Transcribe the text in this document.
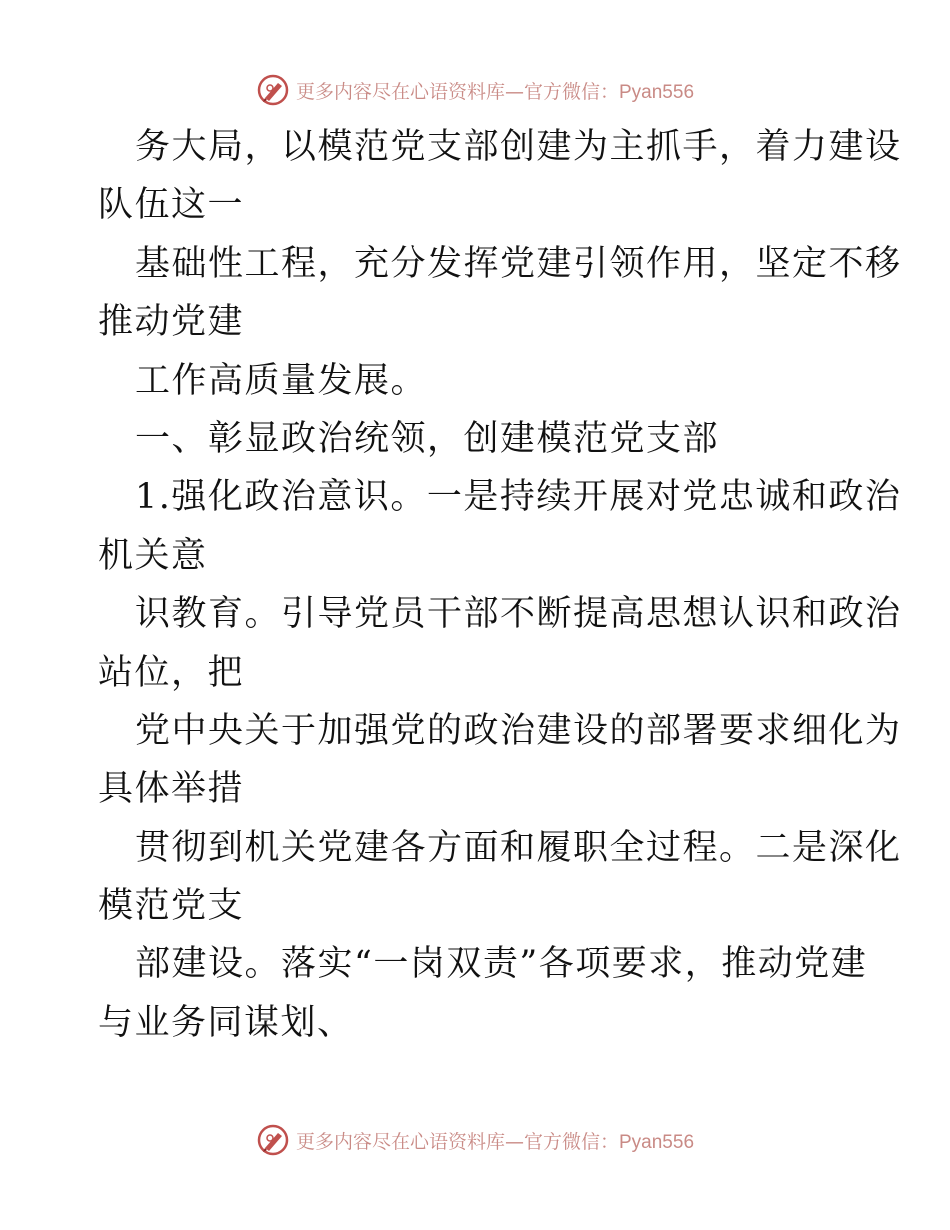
更多内容尽在心语资料库—官方微信：Pyan556
务大局，以模范党支部创建为主抓手，着力建设
队伍这一
基础性工程，充分发挥党建引领作用，坚定不移
推动党建
工作高质量发展。
一、彰显政治统领，创建模范党支部
1.强化政治意识。一是持续开展对党忠诚和政治
机关意
识教育。引导党员干部不断提高思想认识和政治
站位，把
党中央关于加强党的政治建设的部署要求细化为
具体举措
贯彻到机关党建各方面和履职全过程。二是深化
模范党支
部建设。落实“一岗双责”各项要求，推动党建
与业务同谋划、
更多内容尽在心语资料库—官方微信：Pyan556
